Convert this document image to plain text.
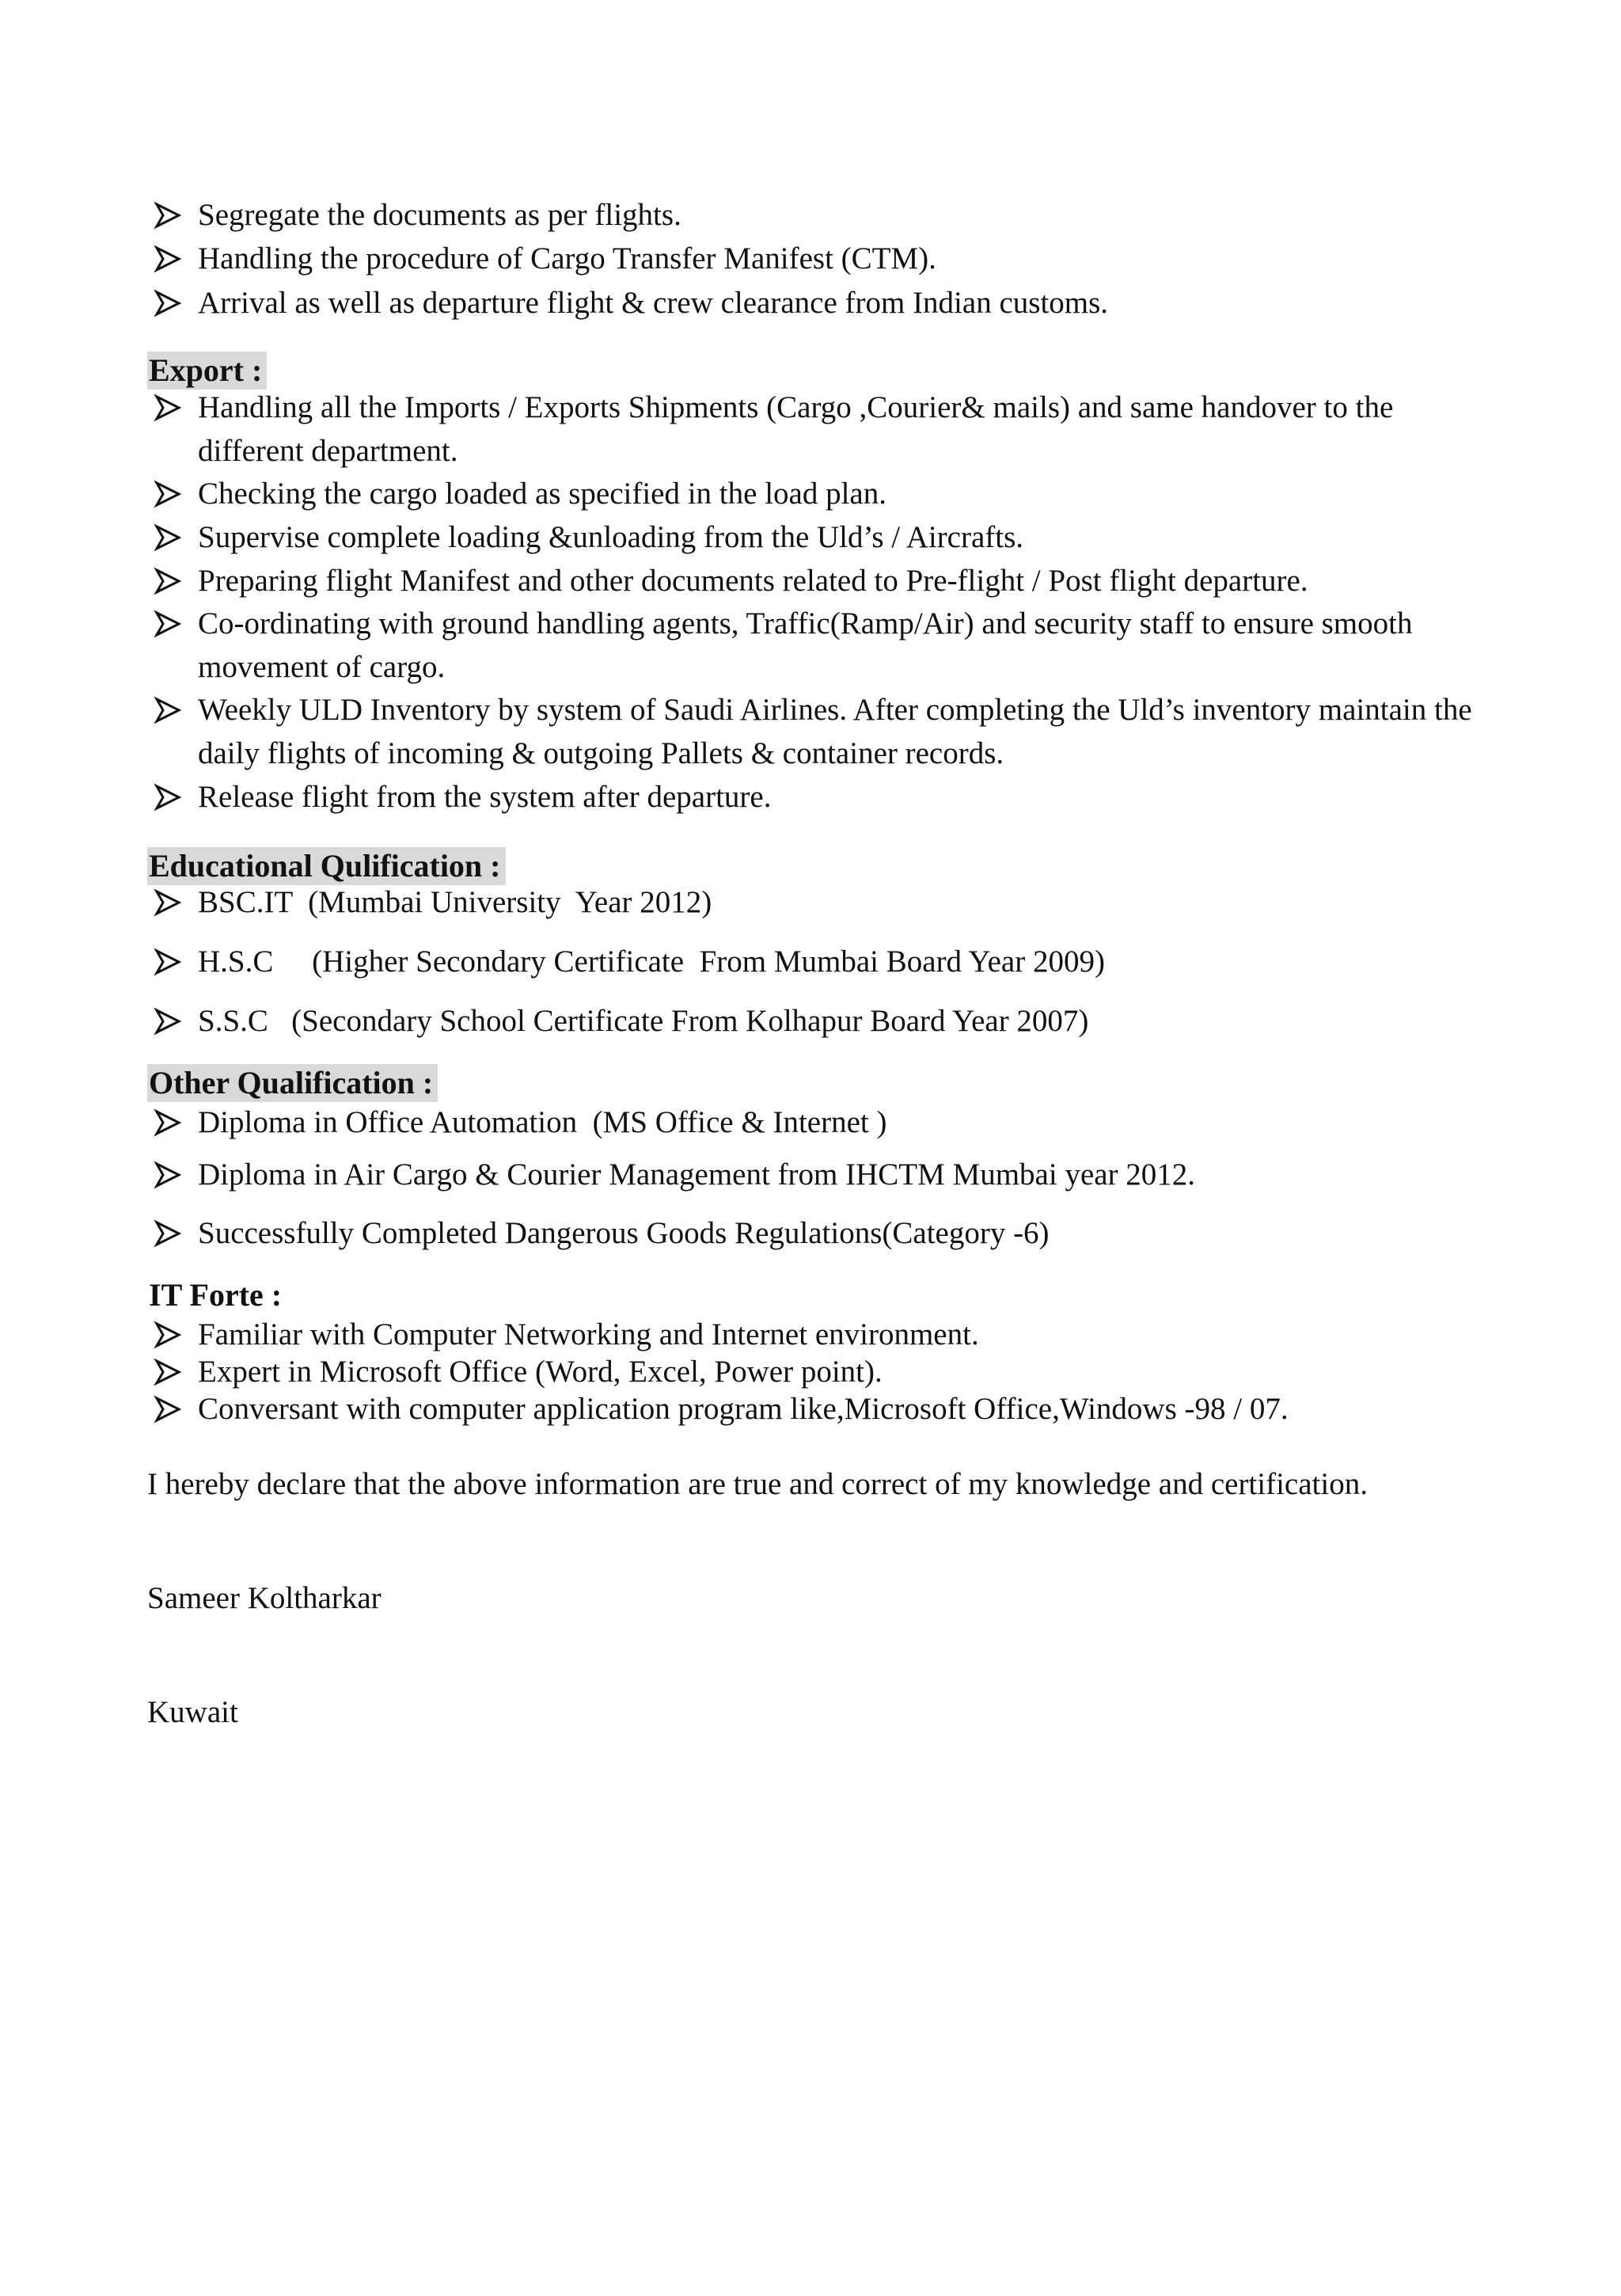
Segregate the documents as per flights.
Handling the procedure of Cargo Transfer Manifest (CTM).
Arrival as well as departure flight & crew clearance from Indian customs.
Export :
Handling all the Imports / Exports Shipments (Cargo ,Courier& mails) and same handover to the different department.
Checking the cargo loaded as specified in the load plan.
Supervise complete loading &unloading from the Uld’s / Aircrafts.
Preparing flight Manifest and other documents related to Pre-flight / Post flight departure.
Co-ordinating with ground handling agents, Traffic(Ramp/Air) and security staff to ensure smooth movement of cargo.
Weekly ULD Inventory by system of Saudi Airlines. After completing the Uld’s inventory maintain the daily flights of incoming & outgoing Pallets & container records.
Release flight from the system after departure.
Educational Qulification :
BSC.IT  (Mumbai University  Year 2012)
H.S.C     (Higher Secondary Certificate  From Mumbai Board Year 2009)
S.S.C   (Secondary School Certificate From Kolhapur Board Year 2007)
Other Qualification :
Diploma in Office Automation  (MS Office & Internet )
Diploma in Air Cargo & Courier Management from IHCTM Mumbai year 2012.
Successfully Completed Dangerous Goods Regulations(Category -6)
IT Forte :
Familiar with Computer Networking and Internet environment.
Expert in Microsoft Office (Word, Excel, Power point).
Conversant with computer application program like,Microsoft Office,Windows -98 / 07.
I hereby declare that the above information are true and correct of my knowledge and certification.
Sameer Koltharkar
Kuwait
